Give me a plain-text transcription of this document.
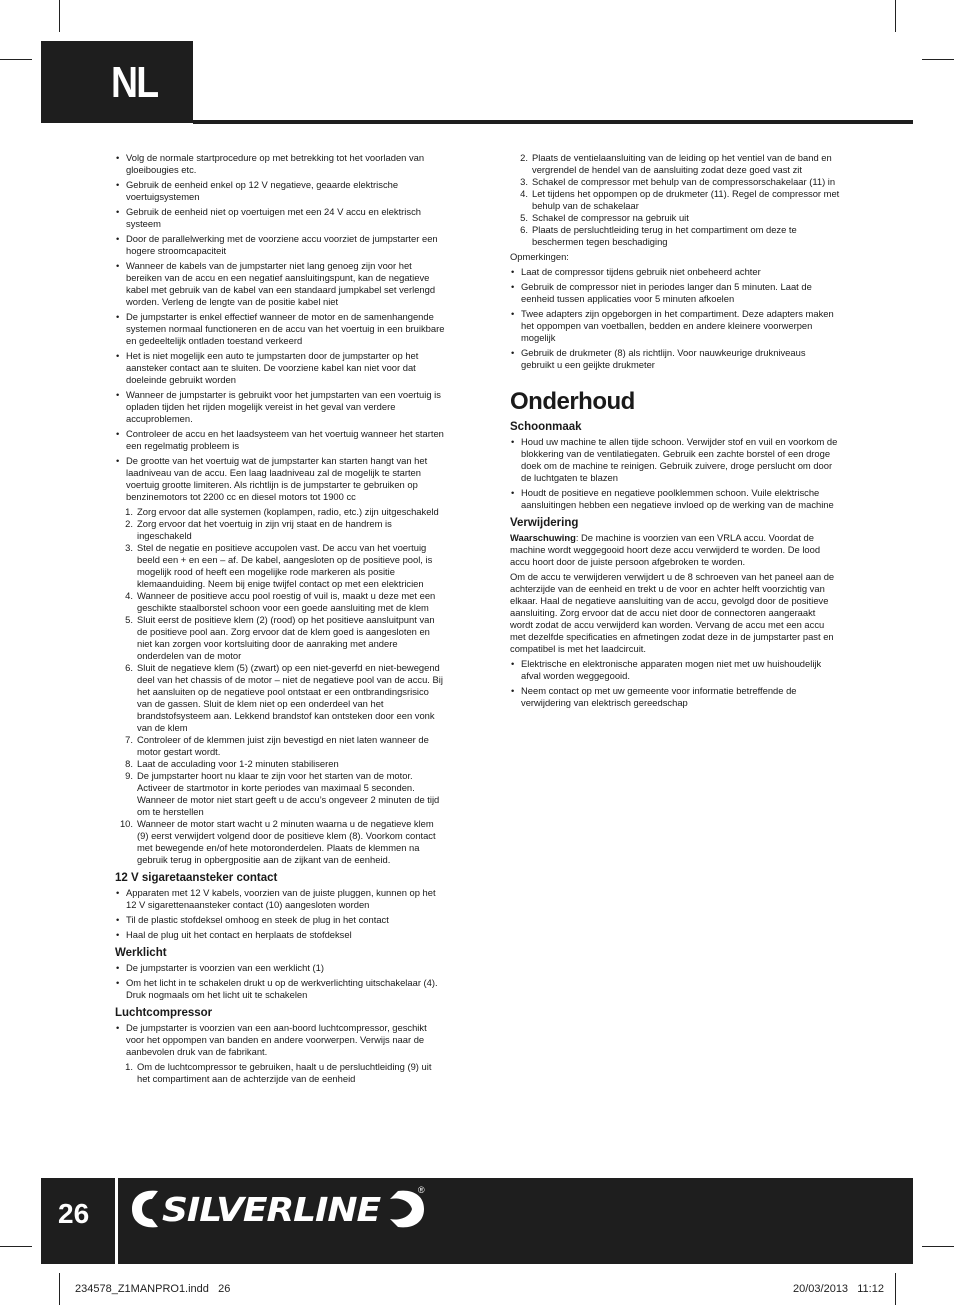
NL
• Volg de normale startprocedure op met betrekking tot het voorladen van gloeibougies etc.
• Gebruik de eenheid enkel op 12 V negatieve, geaarde elektrische voertuigsystemen
• Gebruik de eenheid niet op voertuigen met een 24 V accu en elektrisch systeem
• Door de parallelwerking met de voorziene accu voorziet de jumpstarter een hogere stroomcapaciteit
• Wanneer de kabels van de jumpstarter niet lang genoeg zijn voor het bereiken van de accu en een negatief aansluitingspunt, kan de negatieve kabel met gebruik van de kabel van een standaard jumpkabel set verlengd worden. Verleng de lengte van de positie kabel niet
• De jumpstarter is enkel effectief wanneer de motor en de samenhangende systemen normaal functioneren en de accu van het voertuig in een bruikbare en gedeeltelijk ontladen toestand verkeerd
• Het is niet mogelijk een auto te jumpstarten door de jumpstarter op het aansteker contact aan te sluiten. De voorziene kabel kan niet voor dat doeleinde gebruikt worden
• Wanneer de jumpstarter is gebruikt voor het jumpstarten van een voertuig is opladen tijden het rijden mogelijk vereist in het geval van verdere accuproblemen.
• Controleer de accu en het laadsysteem van het voertuig wanneer het starten een regelmatig probleem is
• De grootte van het voertuig wat de jumpstarter kan starten hangt van het laadniveau van de accu. Een laag laadniveau zal de mogelijk te starten voertuig grootte limiteren. Als richtlijn is de jumpstarter te gebruiken op benzinemotors tot 2200 cc en diesel motors tot 1900 cc
1. Zorg ervoor dat alle systemen (koplampen, radio, etc.) zijn uitgeschakeld
2. Zorg ervoor dat het voertuig in zijn vrij staat en de handrem is ingeschakeld
3. Stel de negatie en positieve accupolen vast. De accu van het voertuig beeld een + en een – af. De kabel, aangesloten op de positieve pool, is mogelijk rood of heeft een mogelijke rode markeren als positie klemaanduiding. Neem bij enige twijfel contact op met een elektricien
4. Wanneer de positieve accu pool roestig of vuil is, maakt u deze met een geschikte staalborstel schoon voor een goede aansluiting met de klem
5. Sluit eerst de positieve klem (2) (rood) op het positieve aansluitpunt van de positieve pool aan. Zorg ervoor dat de klem goed is aangesloten en niet kan zorgen voor kortsluiting door de aanraking met andere onderdelen van de motor
6. Sluit de negatieve klem (5) (zwart) op een niet-geverfd en niet-bewegend deel van het chassis of de motor – niet de negatieve pool van de accu. Bij het aansluiten op de negatieve pool ontstaat er een ontbrandingsrisico van de gassen. Sluit de klem niet op een onderdeel van het brandstofsysteem aan. Lekkend brandstof kan ontsteken door een vonk van de klem
7. Controleer of de klemmen juist zijn bevestigd en niet laten wanneer de motor gestart wordt.
8. Laat de acculading voor 1-2 minuten stabiliseren
9. De jumpstarter hoort nu klaar te zijn voor het starten van de motor. Activeer de startmotor in korte periodes van maximaal 5 seconden. Wanneer de motor niet start geeft u de accu’s ongeveer 2 minuten de tijd om te herstellen
10. Wanneer de motor start wacht u 2 minuten waarna u de negatieve klem (9) eerst verwijdert volgend door de positieve klem (8). Voorkom contact met bewegende en/of hete motoronderdelen. Plaats de klemmen na gebruik terug in opbergpositie aan de zijkant van de eenheid.
12 V sigaretaansteker contact
• Apparaten met 12 V kabels, voorzien van de juiste pluggen, kunnen op het 12 V sigarettenaansteker contact (10) aangesloten worden
• Til de plastic stofdeksel omhoog en steek de plug in het contact
• Haal de plug uit het contact en herplaats de stofdeksel
Werklicht
• De jumpstarter is voorzien van een werklicht (1)
• Om het licht in te schakelen drukt u op de werkverlichting uitschakelaar (4). Druk nogmaals om het licht uit te schakelen
Luchtcompressor
• De jumpstarter is voorzien van een aan-boord luchtcompressor, geschikt voor het oppompen van banden en andere voorwerpen. Verwijs naar de aanbevolen druk van de fabrikant.
1. Om de luchtcompressor te gebruiken, haalt u de persluchtleiding (9) uit het compartiment aan de achterzijde van de eenheid
2. Plaats de ventielaansluiting van de leiding op het ventiel van de band en vergrendel de hendel van de aansluiting zodat deze goed vast zit
3. Schakel de compressor met behulp van de compressorschakelaar (11) in
4. Let tijdens het oppompen op de drukmeter (11). Regel de compressor met behulp van de schakelaar
5. Schakel de compressor na gebruik uit
6. Plaats de persluchtleiding terug in het compartiment om deze te beschermen tegen beschadiging
Opmerkingen:
• Laat de compressor tijdens gebruik niet onbeheerd achter
• Gebruik de compressor niet in periodes langer dan 5 minuten. Laat de eenheid tussen applicaties voor 5 minuten afkoelen
• Twee adapters zijn opgeborgen in het compartiment. Deze adapters maken het oppompen van voetballen, bedden en andere kleinere voorwerpen mogelijk
• Gebruik de drukmeter (8) als richtlijn. Voor nauwkeurige drukniveaus gebruikt u een geijkte drukmeter
Onderhoud
Schoonmaak
• Houd uw machine te allen tijde schoon. Verwijder stof en vuil en voorkom de blokkering van de ventilatiegaten. Gebruik een zachte borstel of een droge doek om de machine te reinigen. Gebruik zuivere, droge perslucht om door de luchtgaten te blazen
• Houdt de positieve en negatieve poolklemmen schoon. Vuile elektrische aansluitingen hebben een negatieve invloed op de werking van de machine
Verwijdering
Waarschuwing: De machine is voorzien van een VRLA accu. Voordat de machine wordt weggegooid hoort deze accu verwijderd te worden. De lood accu hoort door de juiste persoon afgebroken te worden.
Om de accu te verwijderen verwijdert u de 8 schroeven van het paneel aan de achterzijde van de eenheid en trekt u de voor en achter helft voorzichtig van elkaar. Haal de negatieve aansluiting van de accu, gevolgd door de positieve aansluiting. Zorg ervoor dat de accu niet door de connectoren aangeraakt wordt zodat de accu verwijderd kan worden. Vervang de accu met een accu met dezelfde specificaties en afmetingen zodat deze in de jumpstarter past en compatibel is met het laadcircuit.
• Elektrische en elektronische apparaten mogen niet met uw huishoudelijk afval worden weggegooid.
• Neem contact op met uw gemeente voor informatie betreffende de verwijdering van elektrisch gereedschap
26	SILVERLINE	®
234578_Z1MANPRO1.indd   26	20/03/2013   11:12
